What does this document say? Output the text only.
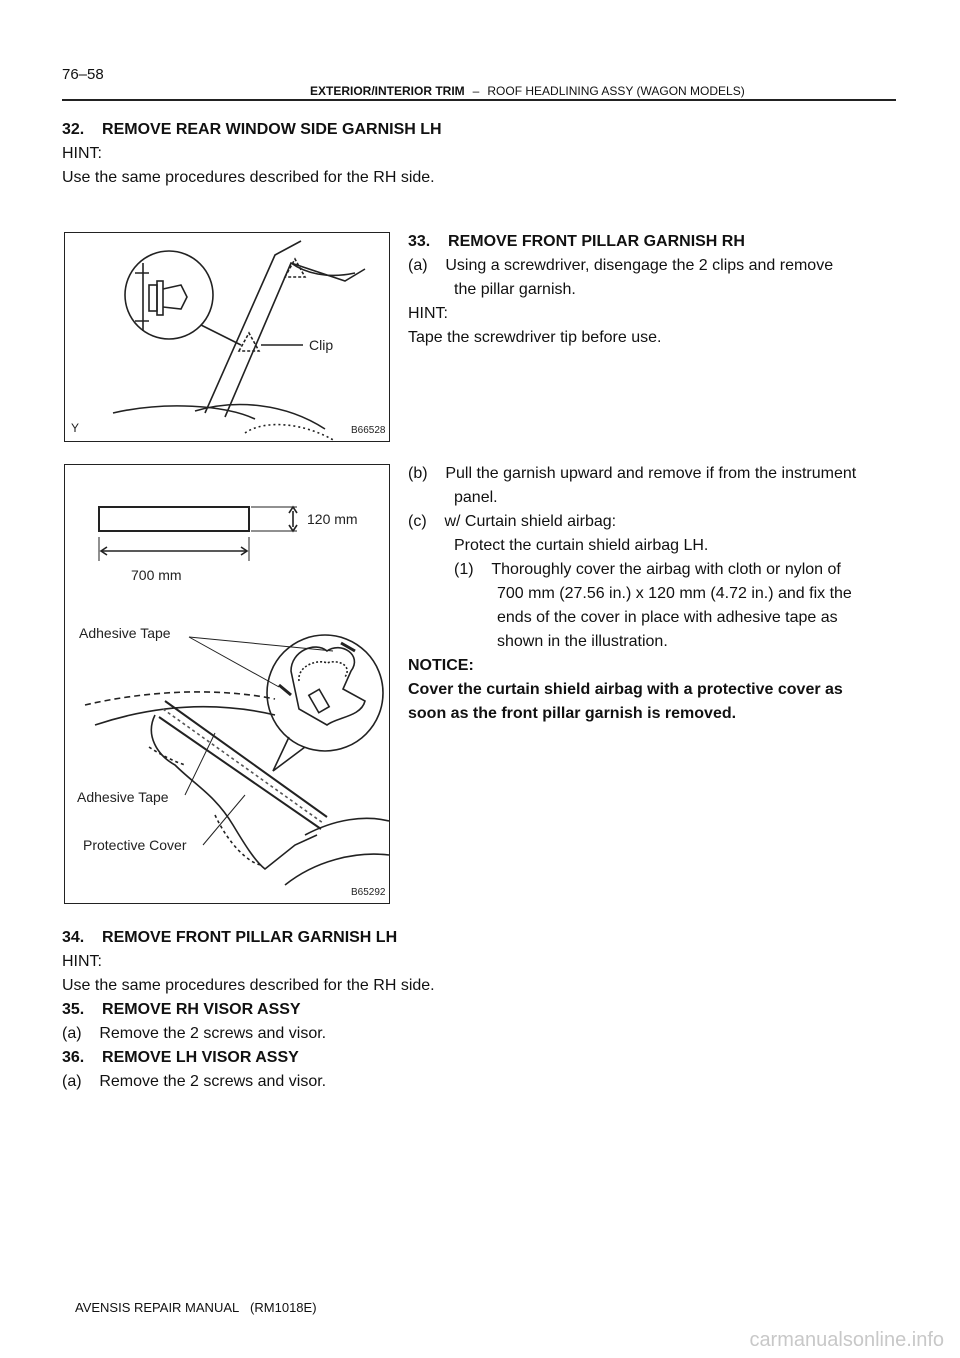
76–58
EXTERIOR/INTERIOR TRIM – ROOF HEADLINING ASSY (WAGON MODELS)
32.    REMOVE REAR WINDOW SIDE GARNISH LH
HINT:
Use the same procedures described for the RH side.
Clip
Y	B66528
120 mm
700 mm
Adhesive Tape
Adhesive Tape
Protective Cover
B65292
33.    REMOVE FRONT PILLAR GARNISH RH
(a)    Using a screwdriver, disengage the 2 clips and remove
the pillar garnish.
HINT:
Tape the screwdriver tip before use.
(b)    Pull the garnish upward and remove if from the instrument
panel.
(c)    w/ Curtain shield airbag:
Protect the curtain shield airbag LH.
(1)    Thoroughly cover the airbag with cloth or nylon of
700 mm (27.56 in.) x 120 mm (4.72 in.) and fix the
ends of the cover in place with adhesive tape as
shown in the illustration.
NOTICE:
Cover the curtain shield airbag with a protective cover as
soon as the front pillar garnish is removed.
34.    REMOVE FRONT PILLAR GARNISH LH
HINT:
Use the same procedures described for the RH side.
35.    REMOVE RH VISOR ASSY
(a)    Remove the 2 screws and visor.
36.    REMOVE LH VISOR ASSY
(a)    Remove the 2 screws and visor.
AVENSIS REPAIR MANUAL   (RM1018E)
carmanualsonline.info
